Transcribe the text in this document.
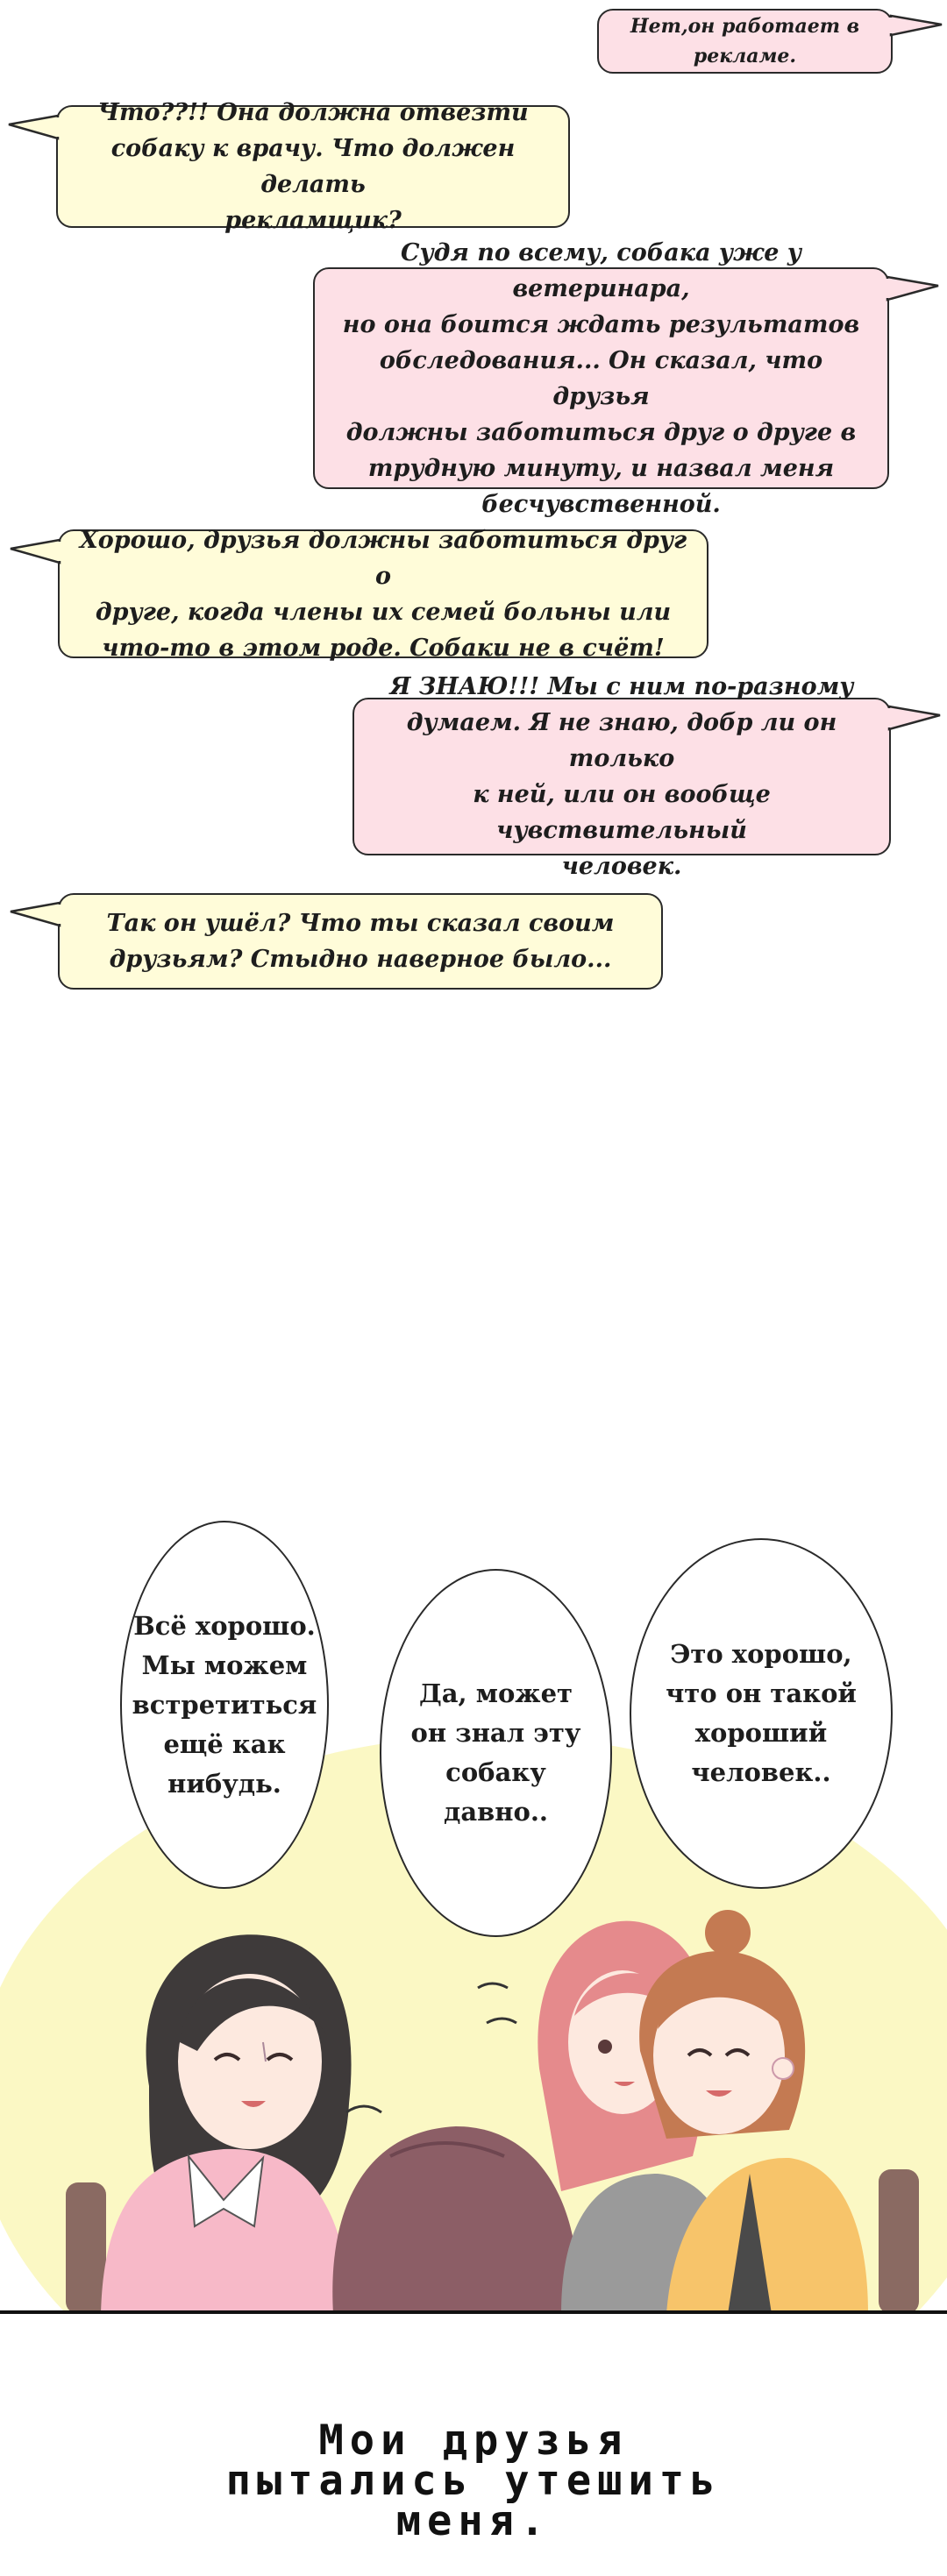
Нет,он работает в
рекламе.
Что??!! Она должна отвезти
собаку к врачу. Что должен делать
рекламщик?
Судя по всему, собака уже у ветеринара,
но она боится ждать результатов
обследования... Он сказал, что друзья
должны заботиться друг о друге в
трудную минуту, и назвал меня
бесчувственной.
Хорошо, друзья должны заботиться друг о
друге, когда члены их семей больны или
что-то в этом роде. Собаки не в счёт!
Я ЗНАЮ!!! Мы с ним по-разному
думаем. Я не знаю, добр ли он только
к ней, или он вообще чувствительный
человек.
Так он ушёл? Что ты сказал своим
друзьям? Стыдно наверное было...
Всё хорошо.
Мы можем
встретиться
ещё как
нибудь.
Да, может
он знал эту
собаку
давно..
Это хорошо,
что он такой
хороший
человек..
Мои друзья
пытались утешить
меня.
